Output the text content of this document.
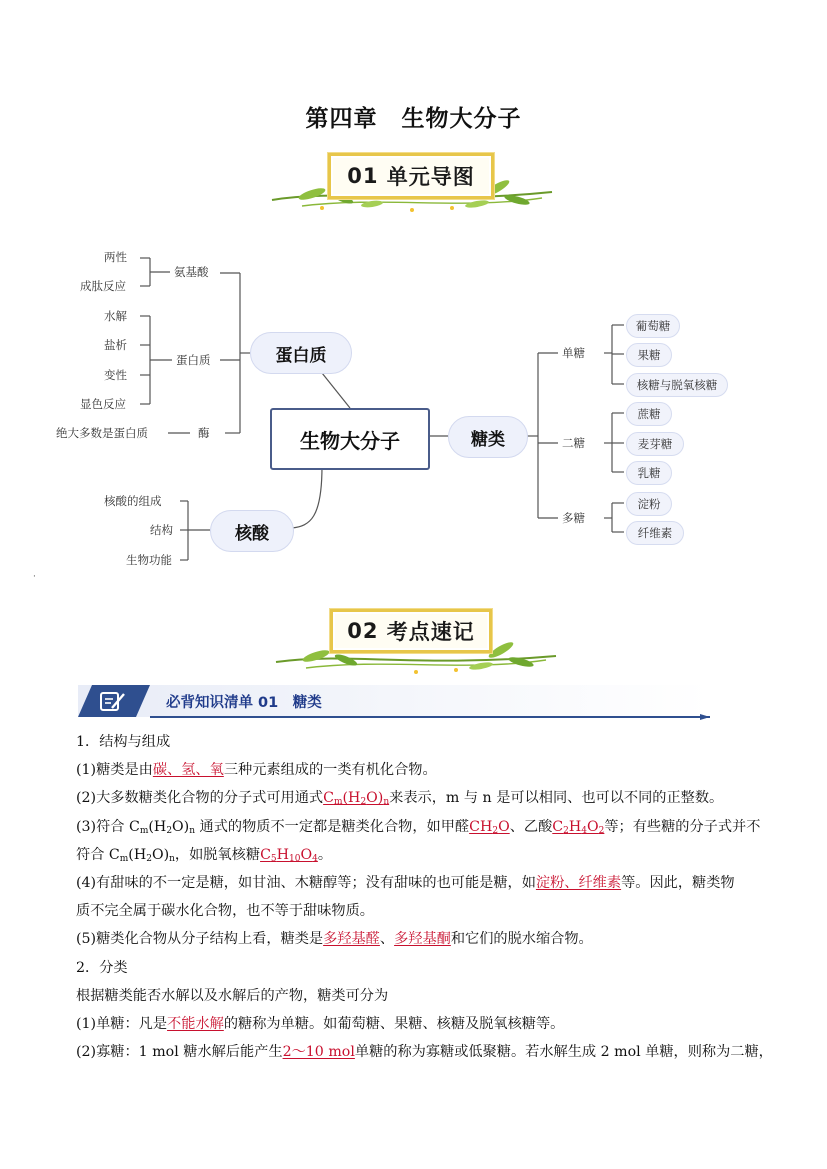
第四章　生物大分子
01
单元导图
生物大分子
蛋白质
糖类
核酸
氨基酸
两性
成肽反应
蛋白质
水解
盐析
变性
显色反应
酶
绝大多数是蛋白质
单糖
葡萄糖
果糖
核糖与脱氧核糖
二糖
蔗糖
麦芽糖
乳糖
多糖
淀粉
纤维素
核酸的组成
结构
生物功能
·
02
考点速记
必背知识清单 01　糖类

1．结构与组成

(1)糖类是由碳、氢、氧三种元素组成的一类有机化合物。

(2)大多数糖类化合物的分子式可用通式$C_m(H_2O)_n$来表示，m 与 n 是可以相同、也可以不同的正整数。

(3)符合 $C_m(H_2O)_n$ 通式的物质不一定都是糖类化合物，如甲醛$CH_2O$、乙酸$C_2H_4O_2$等；有些糖的分子式并不

符合 $C_m(H_2O)_n$，如脱氧核糖$C_5H_{10}O_4$。

(4)有甜味的不一定是糖，如甘油、木糖醇等；没有甜味的也可能是糖，如淀粉、纤维素等。因此，糖类物

质不完全属于碳水化合物，也不等于甜味物质。

(5)糖类化合物从分子结构上看，糖类是多羟基醛、多羟基酮和它们的脱水缩合物。

2．分类

根据糖类能否水解以及水解后的产物，糖类可分为

(1)单糖：凡是不能水解的糖称为单糖。如葡萄糖、果糖、核糖及脱氧核糖等。

(2)寡糖：1 mol 糖水解后能产生2～10 mol单糖的称为寡糖或低聚糖。若水解生成 2 mol 单糖，则称为二糖，
